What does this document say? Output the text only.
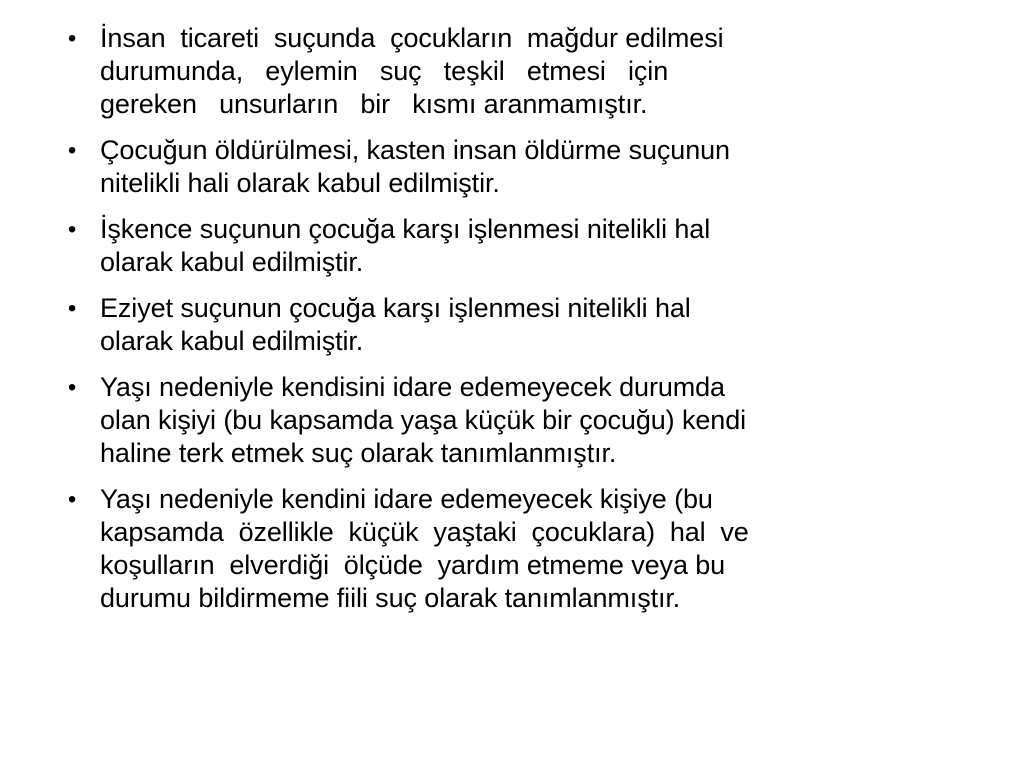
• İnsan  ticareti  suçunda  çocukların  mağdur edilmesi
durumunda,   eylemin   suç   teşkil   etmesi   için
gereken   unsurların   bir   kısmı aranmamıştır.
• Çocuğun öldürülmesi, kasten insan öldürme suçunun
nitelikli hali olarak kabul edilmiştir.
• İşkence suçunun çocuğa karşı işlenmesi nitelikli hal
olarak kabul edilmiştir.
• Eziyet suçunun çocuğa karşı işlenmesi nitelikli hal
olarak kabul edilmiştir.
• Yaşı nedeniyle kendisini idare edemeyecek durumda
olan kişiyi (bu kapsamda yaşa küçük bir çocuğu) kendi
haline terk etmek suç olarak tanımlanmıştır.
• Yaşı nedeniyle kendini idare edemeyecek kişiye (bu
kapsamda  özellikle  küçük  yaştaki  çocuklara)  hal  ve
koşulların  elverdiği  ölçüde  yardım etmeme veya bu
durumu bildirmeme fiili suç olarak tanımlanmıştır.
